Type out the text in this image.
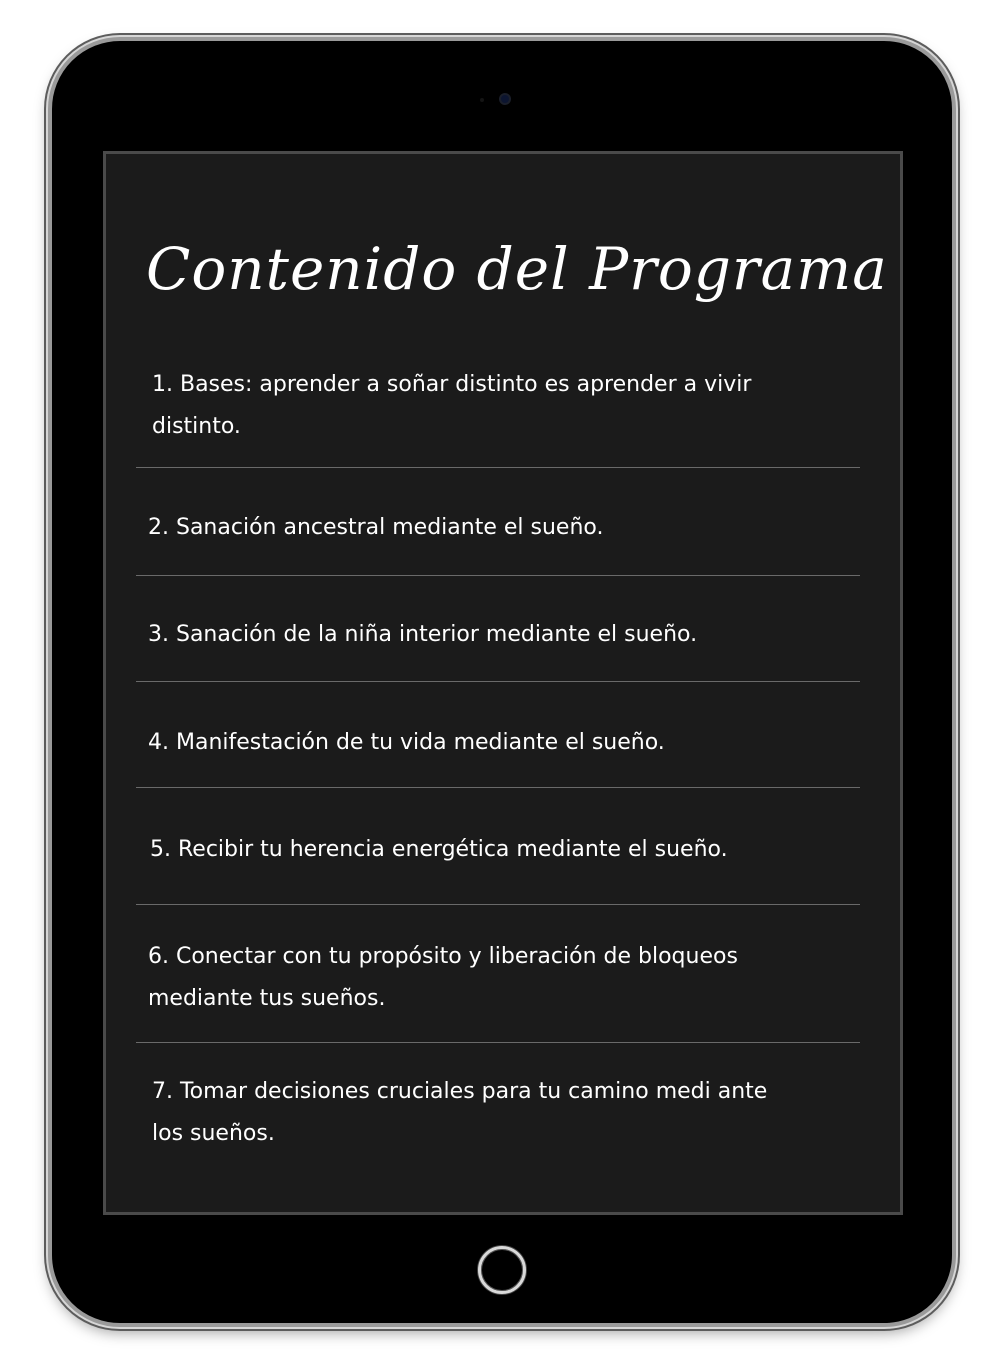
Contenido del Programa

1. Bases: aprender a soñar distinto es aprender a vivir distinto.

2. Sanación ancestral mediante el sueño.

3. Sanación de la niña interior mediante el sueño.

4. Manifestación de tu vida mediante el sueño.

5. Recibir tu herencia energética mediante el sueño.

6. Conectar con tu propósito y liberación de bloqueos mediante tus sueños.

7. Tomar decisiones cruciales para tu camino medi ante los sueños.
